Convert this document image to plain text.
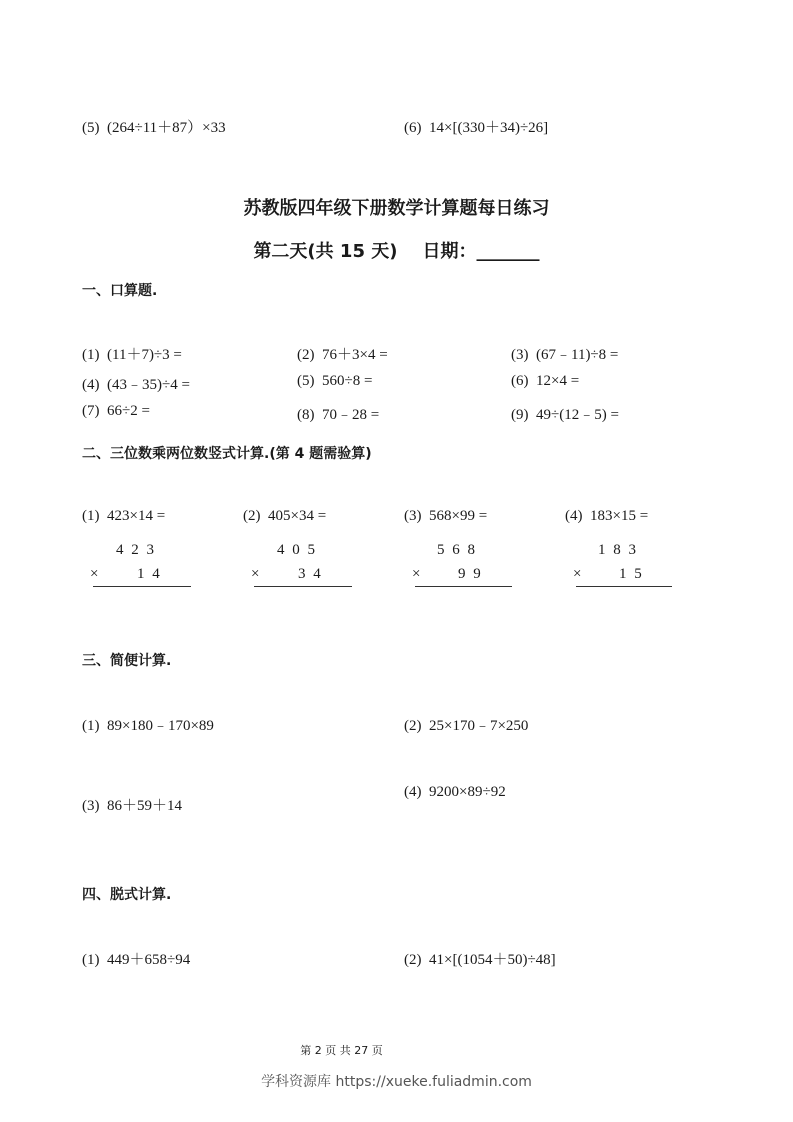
(5) (264÷11＋87）×33	(6) 14×[(330＋34)÷26]
苏教版四年级下册数学计算题每日练习
第二天(共 15 天)    日期：_______
一、口算题.
(1) (11＋7)÷3 =	(2) 76＋3×4 =	(3) (67﹣11)÷8 =
(4) (43﹣35)÷4 =	(5) 560÷8 =	(6) 12×4 =
(7) 66÷2 =	(8) 70﹣28 =	(9) 49÷(12﹣5) =
二、三位数乘两位数竖式计算.(第 4 题需验算)
(1) 423×14 =
4 2 3
×	1 4
(2) 405×34 =
4 0 5
×	3 4
(3) 568×99 =
5 6 8
×	9 9
(4) 183×15 =
1 8 3
×	1 5
三、简便计算.
(1) 89×180﹣170×89	(2) 25×170﹣7×250
(3) 86＋59＋14
(4) 9200×89÷92
四、脱式计算.
(1) 449＋658÷94	(2) 41×[(1054＋50)÷48]
第 2 页 共 27 页
学科资源库 https://xueke.fuliadmin.com
